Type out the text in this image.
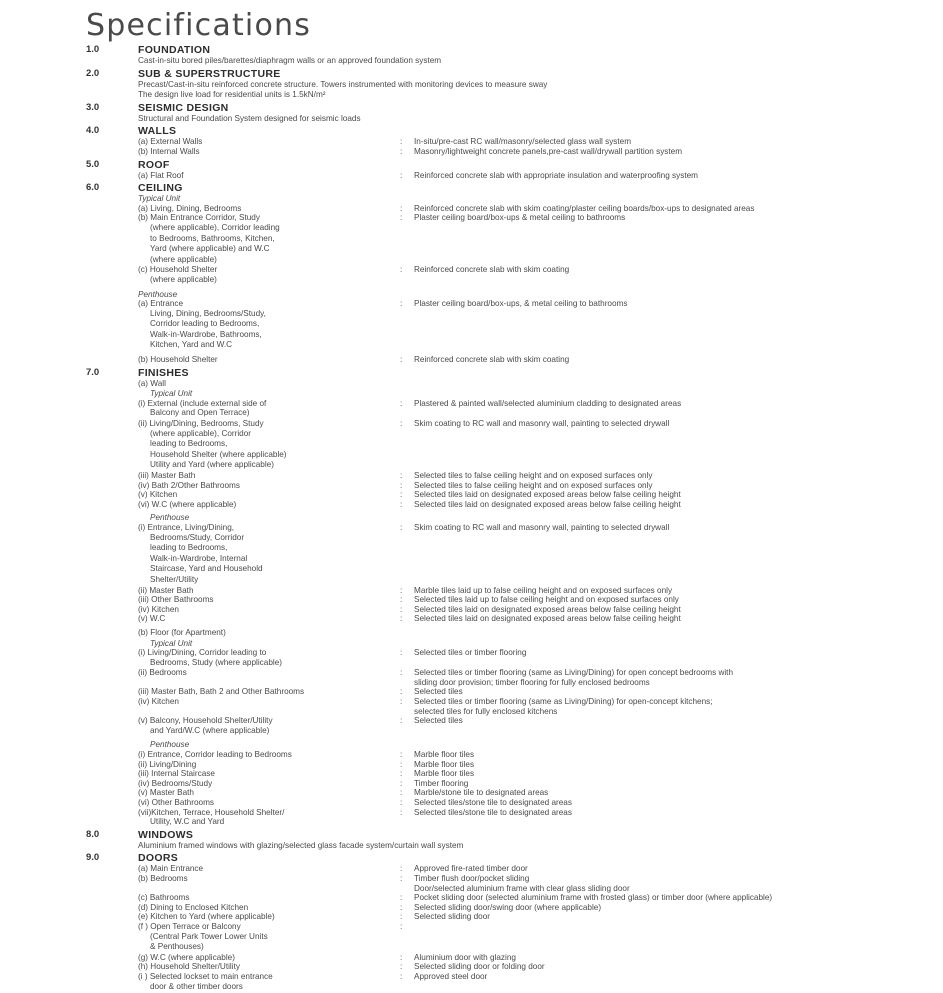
Specifications
1.0	FOUNDATION
Cast-in-situ bored piles/barettes/diaphragm walls or an approved foundation system
2.0	SUB & SUPERSTRUCTURE
Precast/Cast-in-situ reinforced concrete structure. Towers instrumented with monitoring devices to measure sway
The design live load for residential units is 1.5kN/m²
3.0	SEISMIC DESIGN
Structural and Foundation System designed for seismic loads
4.0	WALLS
(a) External Walls	:	In-situ/pre-cast RC wall/masonry/selected glass wall system
(b) Internal Walls	:	Masonry/lightweight concrete panels,pre-cast wall/drywall partition system
5.0	ROOF
(a) Flat Roof	:	Reinforced concrete slab with appropriate insulation and waterproofing system
6.0	CEILING
Typical Unit
(a) Living, Dining, Bedrooms	:	Reinforced concrete slab with skim coating/plaster ceiling boards/box-ups to designated areas
(b) Main Entrance Corridor, Study	:	Plaster ceiling board/box-ups & metal ceiling to bathrooms
(where applicable), Corridor leading
to Bedrooms, Bathrooms, Kitchen,
Yard (where applicable) and W.C
(where applicable)
(c) Household Shelter	:	Reinforced concrete slab with skim coating
(where applicable)
Penthouse
(a) Entrance	:	Plaster ceiling board/box-ups, & metal ceiling to bathrooms
Living, Dining, Bedrooms/Study,
Corridor leading to Bedrooms,
Walk-in-Wardrobe, Bathrooms,
Kitchen, Yard and W.C
(b) Household Shelter	:	Reinforced concrete slab with skim coating
7.0	FINISHES
(a) Wall
Typical Unit
(i) External (include external side of	:	Plastered & painted wall/selected aluminium cladding to designated areas
Balcony and Open Terrace)
(ii) Living/Dining, Bedrooms, Study	:	Skim coating to RC wall and masonry wall, painting to selected drywall
(where applicable), Corridor
leading to Bedrooms,
Household Shelter (where applicable)
Utility and Yard (where applicable)
(iii) Master Bath	:	Selected tiles to false ceiling height and on exposed surfaces only
(iv) Bath 2/Other Bathrooms	:	Selected tiles to false ceiling height and on exposed surfaces only
(v) Kitchen	:	Selected tiles laid on designated exposed areas below false ceiling height
(vi) W.C (where applicable)	:	Selected tiles laid on designated exposed areas below false ceiling height
Penthouse
(i) Entrance, Living/Dining,	:	Skim coating to RC wall and masonry wall, painting to selected drywall
Bedrooms/Study, Corridor
leading to Bedrooms,
Walk-in-Wardrobe, Internal
Staircase, Yard and Household
Shelter/Utility
(ii) Master Bath	:	Marble tiles laid up to false ceiling height and on exposed surfaces only
(iii) Other Bathrooms	:	Selected tiles laid up to false ceiling height and on exposed surfaces only
(iv) Kitchen	:	Selected tiles laid on designated exposed areas below false ceiling height
(v) W.C	:	Selected tiles laid on designated exposed areas below false ceiling height
(b) Floor (for Apartment)
Typical Unit
(i) Living/Dining, Corridor leading to	:	Selected tiles or timber flooring
Bedrooms, Study (where applicable)
(ii) Bedrooms	:	Selected tiles or timber flooring (same as Living/Dining) for open concept bedrooms with

sliding door provision; timber flooring for fully enclosed bedrooms
(iii) Master Bath, Bath 2 and Other Bathrooms	:	Selected tiles
(iv) Kitchen	:	Selected tiles or timber flooring (same as Living/Dining) for open-concept kitchens;

selected tiles for fully enclosed kitchens
(v) Balcony, Household Shelter/Utility	:	Selected tiles
and Yard/W.C (where applicable)
Penthouse
(i) Entrance, Corridor leading to Bedrooms	:	Marble floor tiles
(ii) Living/Dining	:	Marble floor tiles
(iii) Internal Staircase	:	Marble floor tiles
(iv) Bedrooms/Study	:	Timber flooring
(v) Master Bath	:	Marble/stone tile to designated areas
(vi) Other Bathrooms	:	Selected tiles/stone tile to designated areas
(vii)Kitchen, Terrace, Household Shelter/	:	Selected tiles/stone tile to designated areas
Utility, W.C and Yard
8.0	WINDOWS
Aluminium framed windows with glazing/selected glass facade system/curtain wall system
9.0	DOORS
(a) Main Entrance	:	Approved fire-rated timber door
(b) Bedrooms	:	Timber flush door/pocket sliding

Door/selected aluminium frame with clear glass sliding door
(c) Bathrooms	:	Pocket sliding door (selected aluminium frame with frosted glass) or timber door (where applicable)
(d) Dining to Enclosed Kitchen	:	Selected sliding door/swing door (where applicable)
(e) Kitchen to Yard (where applicable)	:	Selected sliding door
(f ) Open Terrace or Balcony	:
(Central Park Tower Lower Units
& Penthouses)
(g) W.C (where applicable)	:	Aluminium door with glazing
(h) Household Shelter/Utility	:	Selected sliding door or folding door
(i ) Selected lockset to main entrance	:	Approved steel door
door & other timber doors
